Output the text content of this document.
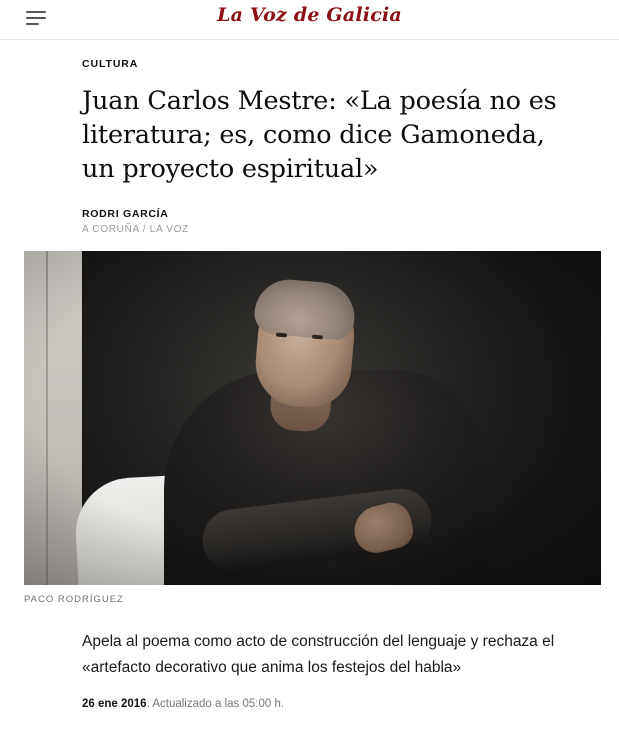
La Voz de Galicia
CULTURA
Juan Carlos Mestre: «La poesía no es literatura; es, como dice Gamoneda, un proyecto espiritual»
RODRI GARCÍA
A CORUÑA / LA VOZ
PACO RODRÍGUEZ

Apela al poema como acto de construcción del lenguaje y rechaza el «artefacto decorativo que anima los festejos del habla»

26 ene 2016. Actualizado a las 05:00 h.
